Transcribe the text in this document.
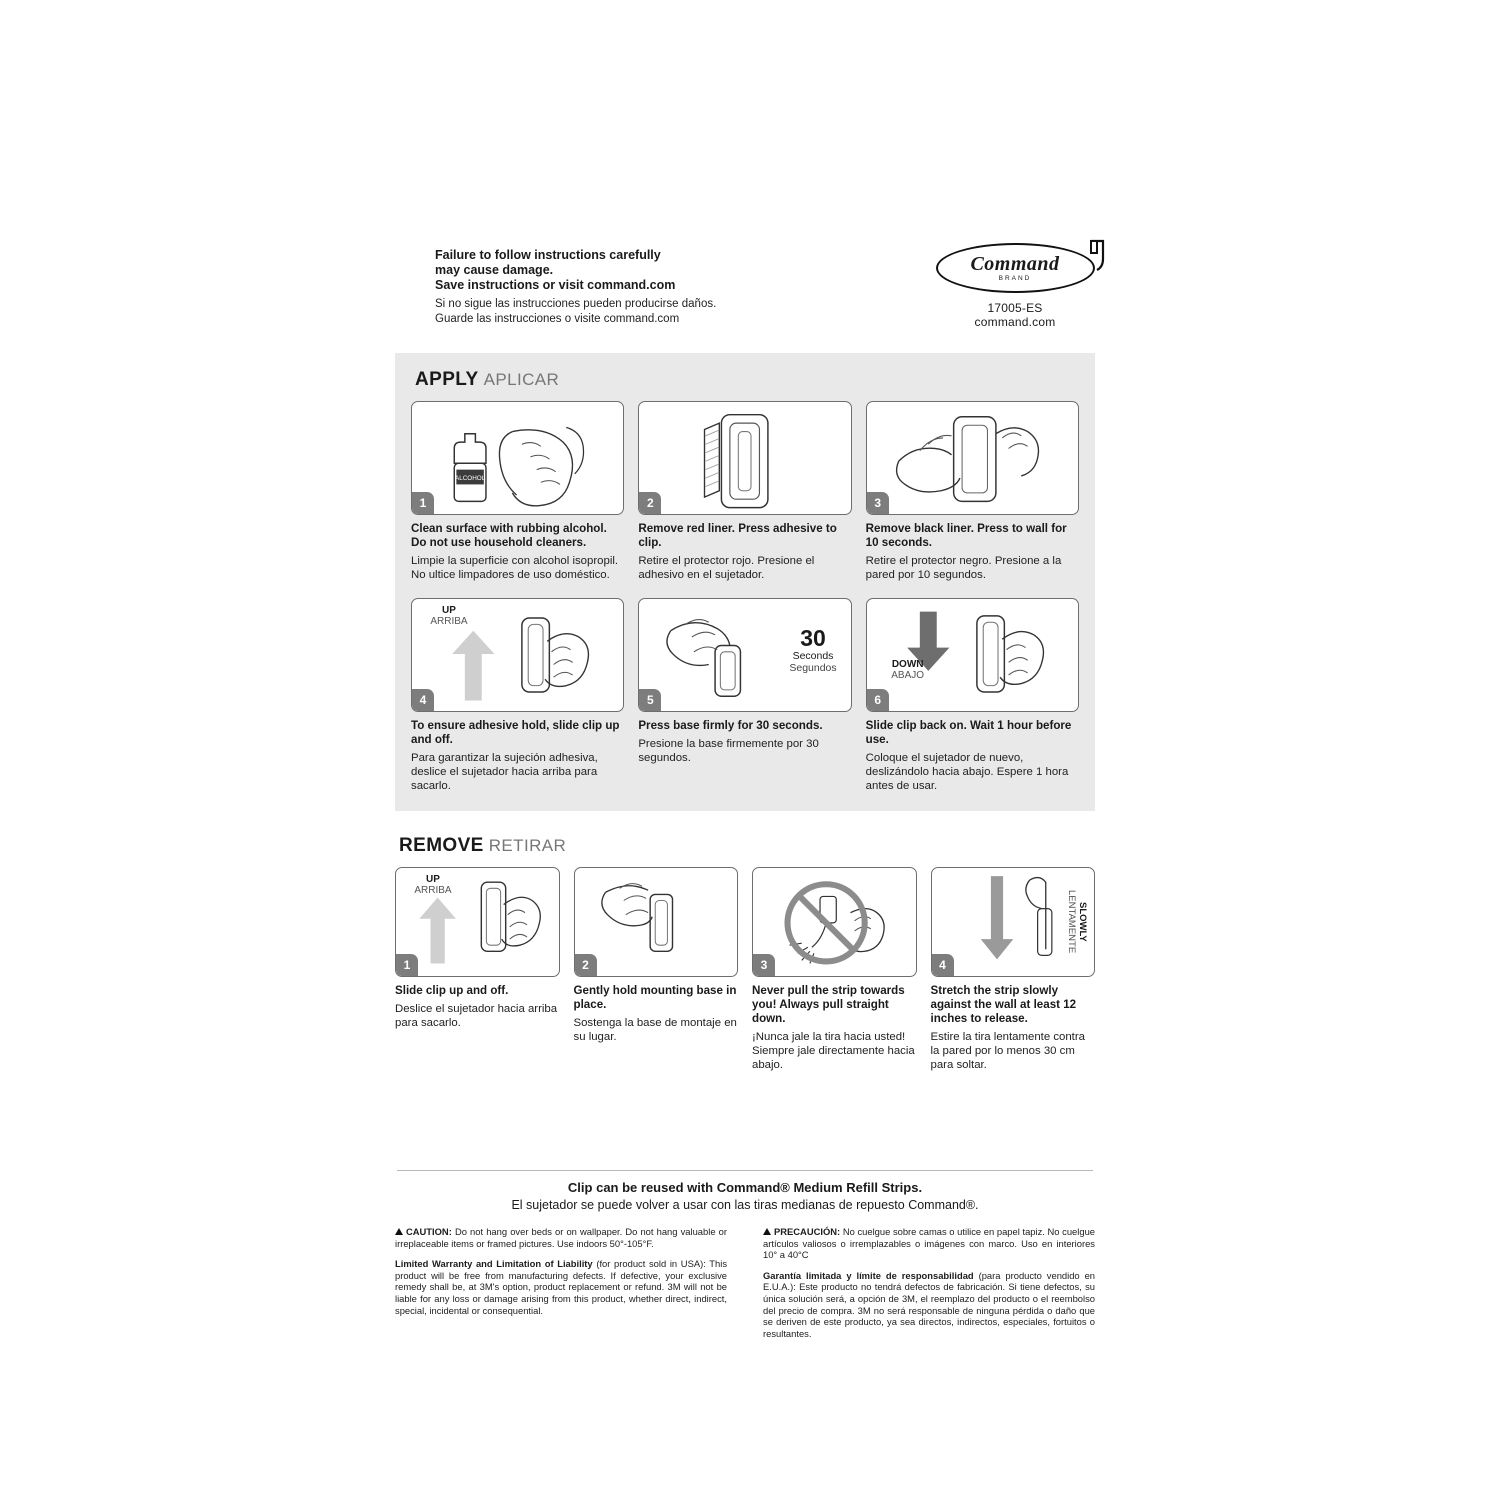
Failure to follow instructions carefully
may cause damage.
Save instructions or visit command.com
Si no sigue las instrucciones pueden producirse daños. Guarde las instrucciones o visite command.com
Command
BRAND
17005-ES
command.com
APPLY APLICAR
ALCOHOL
1
Clean surface with rubbing alcohol. Do not use household cleaners.
Limpie la superficie con alcohol isopropil. No ultice limpadores de uso doméstico.
2
Remove red liner. Press adhesive to clip.
Retire el protector rojo. Presione el adhesivo en el sujetador.
3
Remove black liner. Press to wall for 10 seconds.
Retire el protector negro. Presione a la pared por 10 segundos.
UP
ARRIBA
4
To ensure adhesive hold, slide clip up and off.
Para garantizar la sujeción adhesiva, deslice el sujetador hacia arriba para sacarlo.
30
Seconds
Segundos
5
Press base firmly for 30 seconds.
Presione la base firmemente por 30 segundos.
DOWN
ABAJO
6
Slide clip back on. Wait 1 hour before use.
Coloque el sujetador de nuevo, deslizándolo hacia abajo. Espere 1 hora antes de usar.
REMOVE RETIRAR
UP
ARRIBA
1
Slide clip up and off.
Deslice el sujetador hacia arriba para sacarlo.
2
Gently hold mounting base in place.
Sostenga la base de montaje en su lugar.
3
Never pull the strip towards you! Always pull straight down.
¡Nunca jale la tira hacia usted! Siempre jale directamente hacia abajo.
SLOWLY LENTAMENTE
4
Stretch the strip slowly against the wall at least 12 inches to release.
Estire la tira lentamente contra la pared por lo menos 30 cm para soltar.
Clip can be reused with Command® Medium Refill Strips.
El sujetador se puede volver a usar con las tiras medianas de repuesto Command®.

CAUTION: Do not hang over beds or on wallpaper. Do not hang valuable or irreplaceable items or framed pictures. Use indoors 50°-105°F.

Limited Warranty and Limitation of Liability (for product sold in USA): This product will be free from manufacturing defects. If defective, your exclusive remedy shall be, at 3M's option, product replacement or refund. 3M will not be liable for any loss or damage arising from this product, whether direct, indirect, special, incidental or consequential.

PRECAUCIÓN: No cuelgue sobre camas o utilice en papel tapiz. No cuelgue artículos valiosos o irremplazables o imágenes con marco. Uso en interiores 10° a 40°C

Garantía limitada y límite de responsabilidad (para producto vendido en E.U.A.): Este producto no tendrá defectos de fabricación. Si tiene defectos, su única solución será, a opción de 3M, el reemplazo del producto o el reembolso del precio de compra. 3M no será responsable de ninguna pérdida o daño que se deriven de este producto, ya sea directos, indirectos, especiales, fortuitos o resultantes.
